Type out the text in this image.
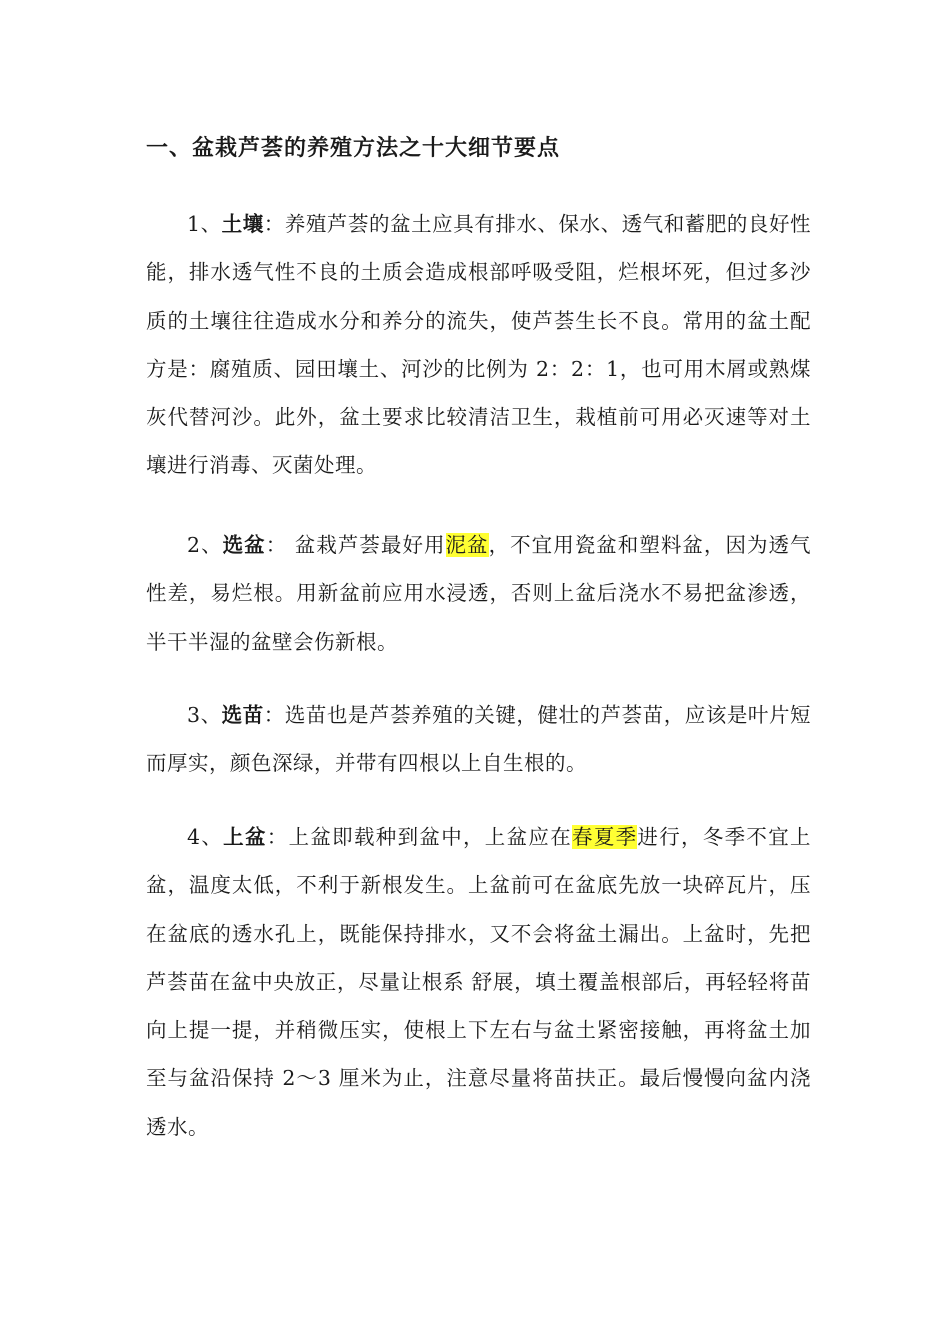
一、盆栽芦荟的养殖方法之十大细节要点

1、土壤：养殖芦荟的盆土应具有排水、保水、透气和蓄肥的良好性能，排水透气性不良的土质会造成根部呼吸受阻，烂根坏死，但过多沙质的土壤往往造成水分和养分的流失，使芦荟生长不良。常用的盆土配方是：腐殖质、园田壤土、河沙的比例为 2：2：1，也可用木屑或熟煤灰代替河沙。此外，盆土要求比较清洁卫生，栽植前可用必灭速等对土壤进行消毒、灭菌处理。

2、选盆： 盆栽芦荟最好用泥盆，不宜用瓷盆和塑料盆，因为透气性差，易烂根。用新盆前应用水浸透，否则上盆后浇水不易把盆渗透，半干半湿的盆壁会伤新根。

3、选苗：选苗也是芦荟养殖的关键，健壮的芦荟苗，应该是叶片短而厚实，颜色深绿，并带有四根以上自生根的。

4、上盆：上盆即载种到盆中，上盆应在春夏季进行，冬季不宜上盆，温度太低，不利于新根发生。上盆前可在盆底先放一块碎瓦片，压在盆底的透水孔上，既能保持排水，又不会将盆土漏出。上盆时，先把芦荟苗在盆中央放正，尽量让根系 舒展，填土覆盖根部后，再轻轻将苗向上提一提，并稍微压实，使根上下左右与盆土紧密接触，再将盆土加至与盆沿保持 2～3 厘米为止，注意尽量将苗扶正。最后慢慢向盆内浇透水。
